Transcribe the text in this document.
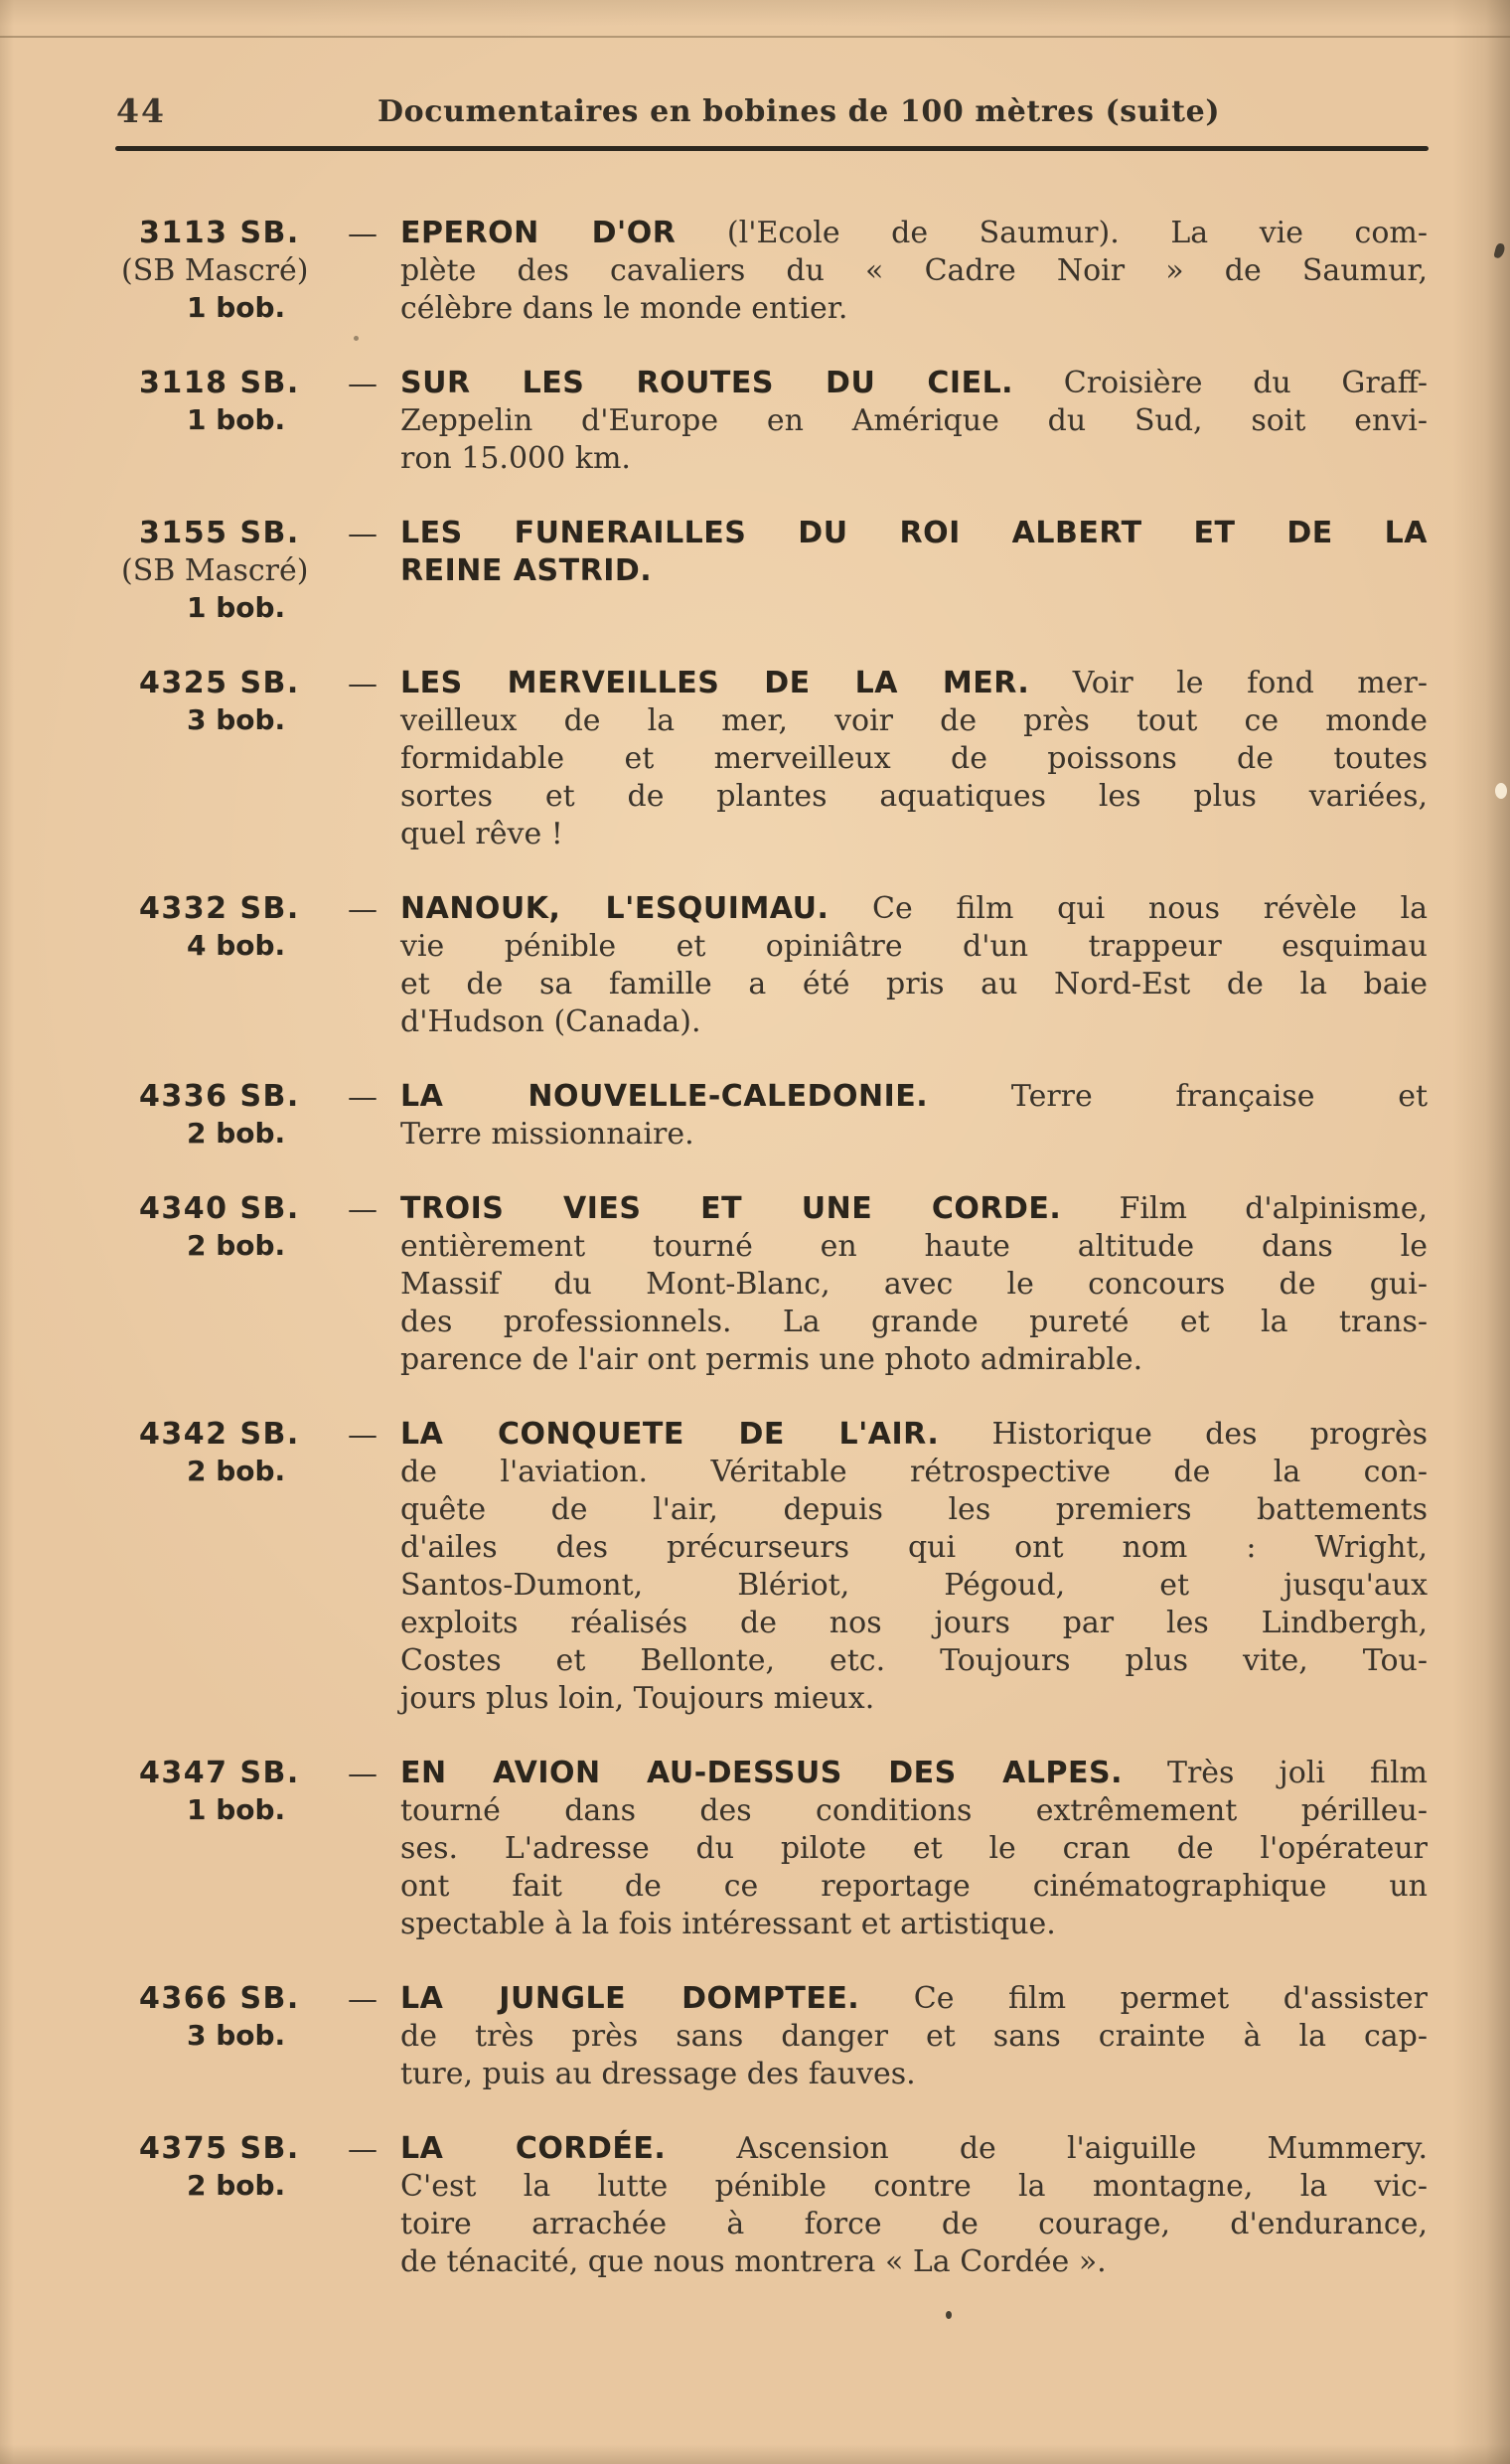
44	Documentaires en bobines de 100 mètres (suite)
3113 SB.
(SB Mascré)
1 bob.
— EPERON D'OR (l'Ecole de Saumur). La vie com-
plète des cavaliers du « Cadre Noir » de Saumur,
célèbre dans le monde entier.
3118 SB.
1 bob.
— SUR LES ROUTES DU CIEL. Croisière du Graff-
Zeppelin d'Europe en Amérique du Sud, soit envi-
ron 15.000 km.
3155 SB.
(SB Mascré)
1 bob.
— LES FUNERAILLES DU ROI ALBERT ET DE LA
REINE ASTRID.
4325 SB.
3 bob.
— LES MERVEILLES DE LA MER. Voir le fond mer-
veilleux de la mer, voir de près tout ce monde
formidable et merveilleux de poissons de toutes
sortes et de plantes aquatiques les plus variées,
quel rêve !
4332 SB.
4 bob.
— NANOUK, L'ESQUIMAU. Ce film qui nous révèle la
vie pénible et opiniâtre d'un trappeur esquimau
et de sa famille a été pris au Nord-Est de la baie
d'Hudson (Canada).
4336 SB.
2 bob.
— LA NOUVELLE-CALEDONIE. Terre française et
Terre missionnaire.
4340 SB.
2 bob.
— TROIS VIES ET UNE CORDE. Film d'alpinisme,
entièrement tourné en haute altitude dans le
Massif du Mont-Blanc, avec le concours de gui-
des professionnels. La grande pureté et la trans-
parence de l'air ont permis une photo admirable.
4342 SB.
2 bob.
— LA CONQUETE DE L'AIR. Historique des progrès
de l'aviation. Véritable rétrospective de la con-
quête de l'air, depuis les premiers battements
d'ailes des précurseurs qui ont nom : Wright,
Santos-Dumont, Blériot, Pégoud, et jusqu'aux
exploits réalisés de nos jours par les Lindbergh,
Costes et Bellonte, etc. Toujours plus vite, Tou-
jours plus loin, Toujours mieux.
4347 SB.
1 bob.
— EN AVION AU-DESSUS DES ALPES. Très joli film
tourné dans des conditions extrêmement périlleu-
ses. L'adresse du pilote et le cran de l'opérateur
ont fait de ce reportage cinématographique un
spectable à la fois intéressant et artistique.
4366 SB.
3 bob.
— LA JUNGLE DOMPTEE. Ce film permet d'assister
de très près sans danger et sans crainte à la cap-
ture, puis au dressage des fauves.
4375 SB.
2 bob.
— LA CORDÉE. Ascension de l'aiguille Mummery.
C'est la lutte pénible contre la montagne, la vic-
toire arrachée à force de courage, d'endurance,
de ténacité, que nous montrera « La Cordée ».
